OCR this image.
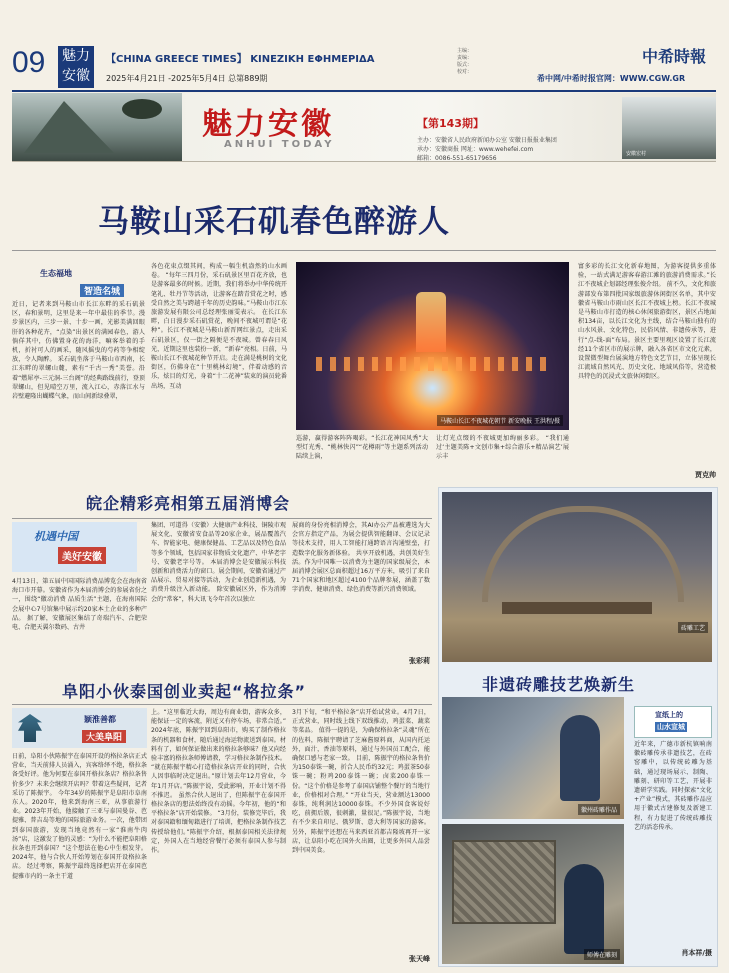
09 魅力安徽
【CHINA GREECE TIMES】 KINEZIKH EΦHMEPIΔA
2025年4月21日 -2025年5月4日 总第889期
主编：
责编：
版式：
校对：
中希時報
希中网/中希时报官网：WWW.CGW.GR
魅力安徽
ANHUI TODAY
【第143期】
主办：安徽省人民政府新闻办公室 安徽日报报业集团
承办：安徽商报 网址：www.wehefei.com
邮箱：0086-551-65179656
安徽宏村
马鞍山采石矶春色醉游人
生态福地
智造名城
近日，记者来到马鞍山市长江东畔的采石矶景区，春和景明，这里是来一年中最佳的季节。漫步景区内，三步一景、十步一画，光影美满回眼肝的各种花卉，“点染”出景区的满园春色，游人倘佯其中，仿佛置身花的海洋，嘛客举着的手机，折衬可人的画采，随风摇曳的芍药等争相绽放，令人陶醉。 采石矶坐落于马鞍山市西南，长江东畔的翠螺山麓，素有“千古一秀”美誉。沿着“燃犀亭-三元洞-三台阁”的经典路线前行，登顶翠螺山，但见晴空万里，流入江心，赤落江水与岩壁避隆出蝴蝶气象，而山间新绿叠翠，
各色花束点缀其间，构成一幅生机盎然的山水画卷。 “每年三四月份，采石矶景区里百花齐放，也是游客最多的时候。近期，我们将举办中华传统开笔礼、牡丹节等活动，让游客在踏青赏花之时，感受自然之美与跨越千年的历史韵味。”马鞍山市江东旅游发展有限公司总经理张丽雯表示。 在长江东畔，白日漫步采石矶赏花，晚间不夜城可谓是“花种”。长江不夜城是马鞍山新晋网红景点，走出采石矶景区，仅一街之隔便是不夜城。曾春春日风光，近期这里也装扮一新，“新春”亮相。日前，马鞍山长江不夜城花种节开启。走在满是桃树的文化街区，仿佛身在“十里桃林幻境”，伴着动感的音乐，炫目的灯光，身着“十二花神”装束的演员轮番出场，互动
马鞍山长江不夜城花朝节 新安晚报 王洪程/摄
巡游，赢得游客阵阵喝彩。“长江花神国风秀”大型灯光秀、“桃林快闪”“花樽雨”等主题系列活动陆续上演，
让灯光点缀的不夜城更加绚丽多彩。 “我们通过‘主题美陈+文创市集+综合游乐+精品演艺’展示丰
富多彩的长江文化新春地图，为游客提供多重体验，一站式满足游客春游江滩的旅游消费需求。”长江不夜城企划部经理张俊介绍。 前不久，文化和旅游部发布第四批国家级旅游休闲街区名单，其中安徽省马鞍山市雨山区长江不夜城上榜。长江不夜城是马鞍山市打造的核心休闲旅游街区，景区占地面积134亩，以长江文化为主线，结合马鞍山独有的山水风景、文化特色，民俗风情、非遗传承等，进行“点-线-面”布局。景区主要里观区设置了长江流经11个省区市的展示牌，融入各省区市文化元素，设置微型舞台展演地方特色文艺节目，立体呈现长江流域自然风光、历史文化、地域风俗等，营造极具特色的沉浸式文旅休闲街区。
贾克帅
皖企精彩亮相第五届消博会
机遇中国
美好安徽
4月13日，第五届中国国际消费品博览会在海南省海口市开幕。安徽省作为本届消博会的参展省份之一，围绕“徽动消费 品质生活”主题，在海南国际会展中心7号馆集中展示约20家本土企业的多种产品。 据了解，安徽展区集结了奇瑞汽车、合肥荣电、合肥天翼尔数码、古井
集团、可道得（安徽）大健康产业科技、铜陵市观展文化、安徽省安食品等20家企业，展品覆盖汽车、智能家电、健康保健品、工艺品以及特色食品等多个领域，包括国家非物质文化遗产、中华老字号、安徽老字号等。 本届消博会是安徽展示科技创新和消费活力的窗口。展会期间，安徽省通过产品展示、贸易对接等活动，为企业创造新机遇，为消费升级注入新动能。 除安徽展区外，作为消博会的“常客”，科大讯飞今年首次以独立
展商的身份亮相消博会，其AI办公产品被遴选为大会官方指定产品，为展会提供智能翻译、会议记录等技术支持，用人工智能打通跨语言沟通壁垒，打造数字化服务新体验。 共享开放机遇，共创美好生活。作为中国唯一以消费为主题的国家级展会，本届消博会展区总面积超过16万平方米，吸引了来自71个国家和地区超过4100个品牌参展，涵盖了数字消费、健康消费、绿色消费等新兴消费领域。
张彩莉
砖雕工艺
非遗砖雕技艺焕新生
徽州砖雕作品
宣纸上的
山水宣城
近年来，广德市新杭镇响南徽砖雕传承非遗技艺，在砖窑雕中，以传统砖雕为基础，通过现场展示、制陶、雕刻、研印等工艺，开展非遗研学实践。同时探索“文化+产业”模式，其砖雕作品应用于徽式古建修复及新建工程，有力促进了传统砖雕技艺的活态传承。
肖本祥/摄
师傅在雕刻
阜阳小伙泰国创业卖起“格拉条”
颖淮善都
大美阜阳
日前，阜阳小伙陈振宇在泰国开设的格拉条店正式营业，当天前排人员涌入，宾客络绎不绝，格拉条备受好评。他为何要在泰国开格拉条店？格拉条售价多少？未来会继续开店吗？带着这些疑问，记者采访了陈振宇。 今年34岁的陈振宇是阜阳市阜南东人。2020年，他来到海南三亚，从事旅游行业。2023年开始，他接触了三亚与泰国曼谷、芭提雅、普吉岛等地的国际旅游业务。一次，他带团到泰国旅游，发现当地竟然有一家“淮南牛肉汤”店，这激发了他的灵感：“为什么不能把阜阳格拉条也开到泰国？”这个想法在他心中生根发芽。2024年，他与合伙人开始筹划在泰国开设格拉条店。 经过考察，陈振宇最终选择把店开在泰国芭提雅市内的一条主干道
上。“这里临近大海，周边有商业街，游客众多，能保证一定的客流，附近又有停车场，非常合适。” 2024年底，陈振宇回到阜阳市，购买了制作格拉条的机器和食材，随后通过海运物流送到泰国。材料有了，如何保证做出来的格拉条够味？他又向经验丰富的格拉条师傅请教，学习格拉条制作技术。 “就在陈振宇精心打造格拉条店开业的同时，合伙人因事临时决定退出。”原计划去年12月营业，今年1月开店。”陈振宇说，受此影响，开业计划不得不推迟。 虽然合伙人退出了，但陈振宇在泰国开格拉条店的想法始终没有动摇。今年初，他的“和平格拉条”店开始装修。 “3月份，装修完毕后，我对泰国籍和缅甸籍进行了培训，把格拉条制作技艺传授给他们。”陈振宇介绍，根据泰国相关法律规定，外国人在当地经营餐厅必须有泰国人参与制作。
3月下旬，“和平格拉条”店开始试营业。4月7日，正式营业，同时线上线下双线推动，鸡蛋菜、蔬菜等菜品。 值得一提的是，为确保格拉条“灵魂”所在的佐料，陈振宇聘请了芝麻酱原料商，从国内托运外，面汁，香油等原料，通过与外国员工配合，能确保口感与老家一致。 目前，陈振宇的格拉条售价为150泰铢一碗，折合人民币约32元；鸡蛋茶50泰铢一碗；粉鸡200泰铢一碗；卤菜200泰铢一份。“这个价格是参考了泰国店铺整个餐厅的当地行业，价格相对合理。” “开业当天，营业额达13000泰铢，纯利润达10000泰铢。不少外国食客说好吃，前拥后簇，很刺激，量很足。”陈振宇说，当地有不少来自印尼、俄罗斯、意大利等国家的游客。 另外，陈振宇还想在马来西亚首都吉隆坡再开一家店，让阜阳小吃在国外火出圈，让更多外国人品尝到中国美食。
张天峰
